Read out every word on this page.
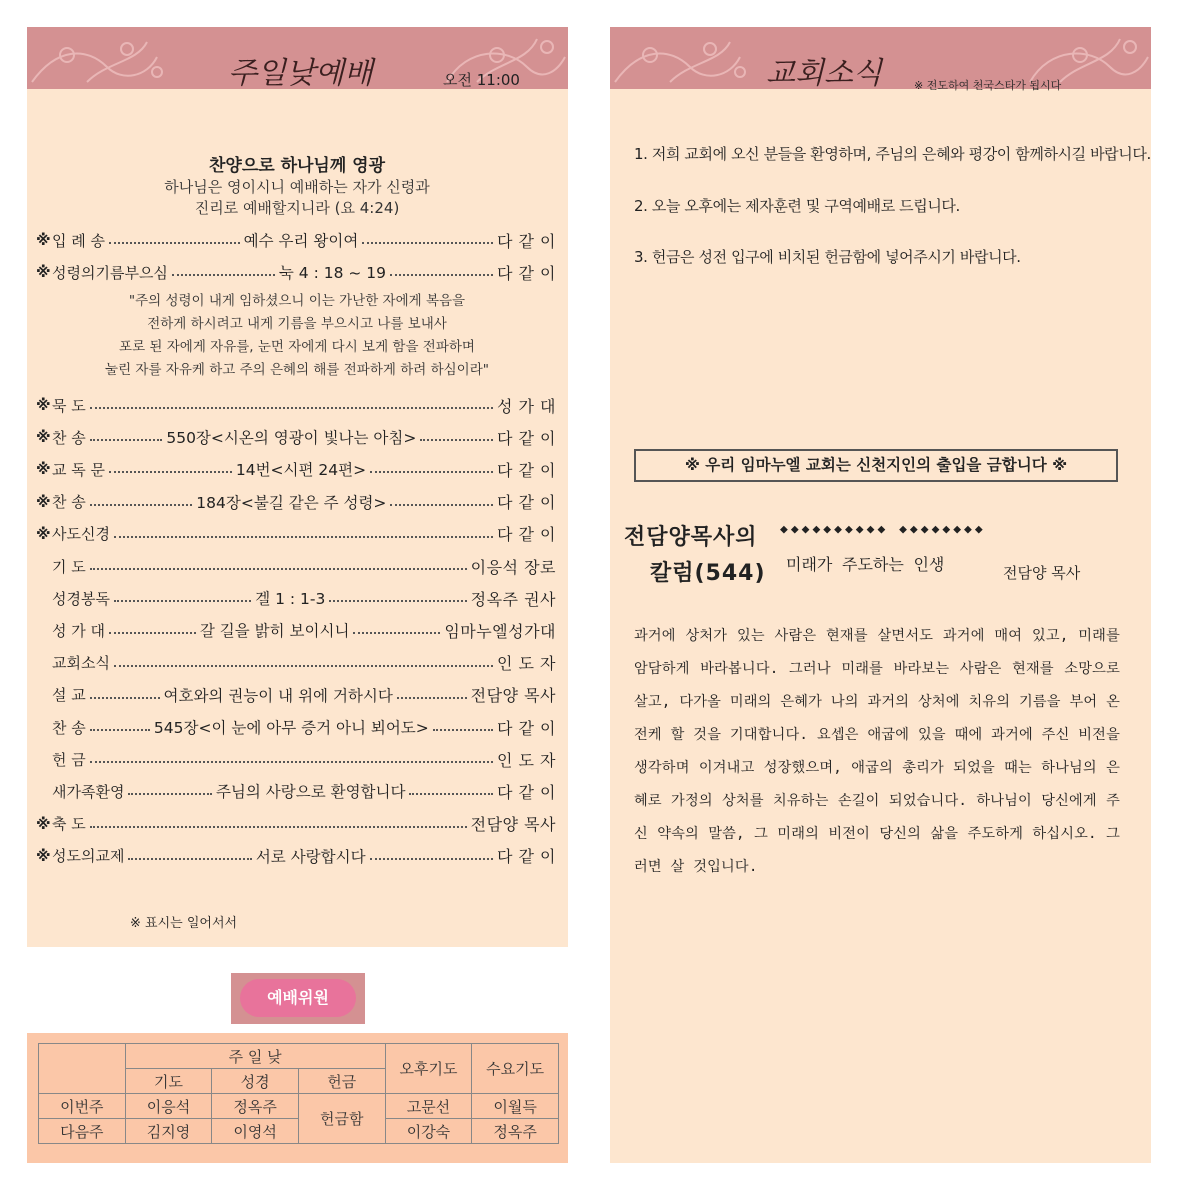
주일낮예배	오전 11:00
찬양으로 하나님께 영광
하나님은 영이시니 예배하는 자가 신령과
진리로 예배할지니라 (요 4:24)
※ 입 례 송	예수 우리 왕이여	다 같 이
※ 성령의기름부으심	눅 4 : 18 ~ 19	다 같 이
"주의 성령이 내게 임하셨으니 이는 가난한 자에게 복음을
전하게 하시려고 내게 기름을 부으시고 나를 보내사
포로 된 자에게 자유를, 눈먼 자에게 다시 보게 함을 전파하며
눌린 자를 자유케 하고 주의 은혜의 해를 전파하게 하려 하심이라"
※ 묵 도	성 가 대
※ 찬 송	550장<시온의 영광이 빛나는 아침>	다 같 이
※ 교 독 문	14번<시편 24편>	다 같 이
※ 찬 송	184장<불길 같은 주 성령>	다 같 이
※ 사도신경	다 같 이
기 도	이응석 장로
성경봉독	겔 1 : 1-3	정옥주 권사
성 가 대	갈 길을 밝히 보이시니	임마누엘성가대
교회소식	인 도 자
설 교	여호와의 권능이 내 위에 거하시다	전담양 목사
찬 송	545장<이 눈에 아무 증거 아니 뵈어도>	다 같 이
헌 금	인 도 자
새가족환영	주님의 사랑으로 환영합니다	다 같 이
※ 축 도	전담양 목사
※ 성도의교제	서로 사랑합시다	다 같 이
※ 표시는 일어서서
예배위원
	주 일 낮			오후기도	수요기도
	기도	성경	헌금		
이번주	이응석	정옥주	헌금함	고문선	이월득
다음주	김지영	이영석		이강숙	정옥주
교회소식	※ 전도하여 천국스타가 됩시다
1. 저희 교회에 오신 분들을 환영하며, 주님의 은혜와 평강이 함께하시길 바랍니다.
2. 오늘 오후에는 제자훈련 및 구역예배로 드립니다.
3. 헌금은 성전 입구에 비치된 헌금함에 넣어주시기 바랍니다.
※ 우리 임마누엘 교회는 신천지인의 출입을 금합니다 ※
전담양목사의
칼럼(544)
◆◆◆◆◆◆◆◆◆◆ ◆◆◆◆◆◆◆◆
미래가 주도하는 인생	전담양 목사
과거에 상처가 있는 사람은 현재를 살면서도 과거에 매여 있고, 미래를 암담하게 바라봅니다. 그러나 미래를 바라보는 사람은 현재를 소망으로 살고, 다가올 미래의 은혜가 나의 과거의 상처에 치유의 기름을 부어 온전케 할 것을 기대합니다. 요셉은 애굽에 있을 때에 과거에 주신 비전을 생각하며 이겨내고 성장했으며, 애굽의 총리가 되었을 때는 하나님의 은혜로 가정의 상처를 치유하는 손길이 되었습니다. 하나님이 당신에게 주신 약속의 말씀, 그 미래의 비전이 당신의 삶을 주도하게 하십시오. 그러면 살 것입니다.
